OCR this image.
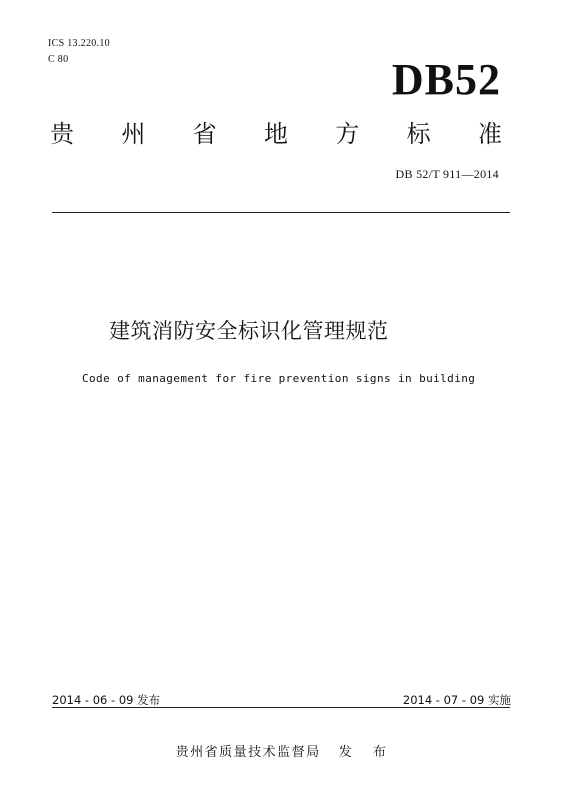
ICS 13.220.10
C 80	DB52
贵 州 省 地 方 标 准
DB 52/T 911—2014
建筑消防安全标识化管理规范
Code of management for fire prevention signs in building
2014 - 06 - 09 发布	2014 - 07 - 09 实施
贵州省质量技术监督局 发 布
